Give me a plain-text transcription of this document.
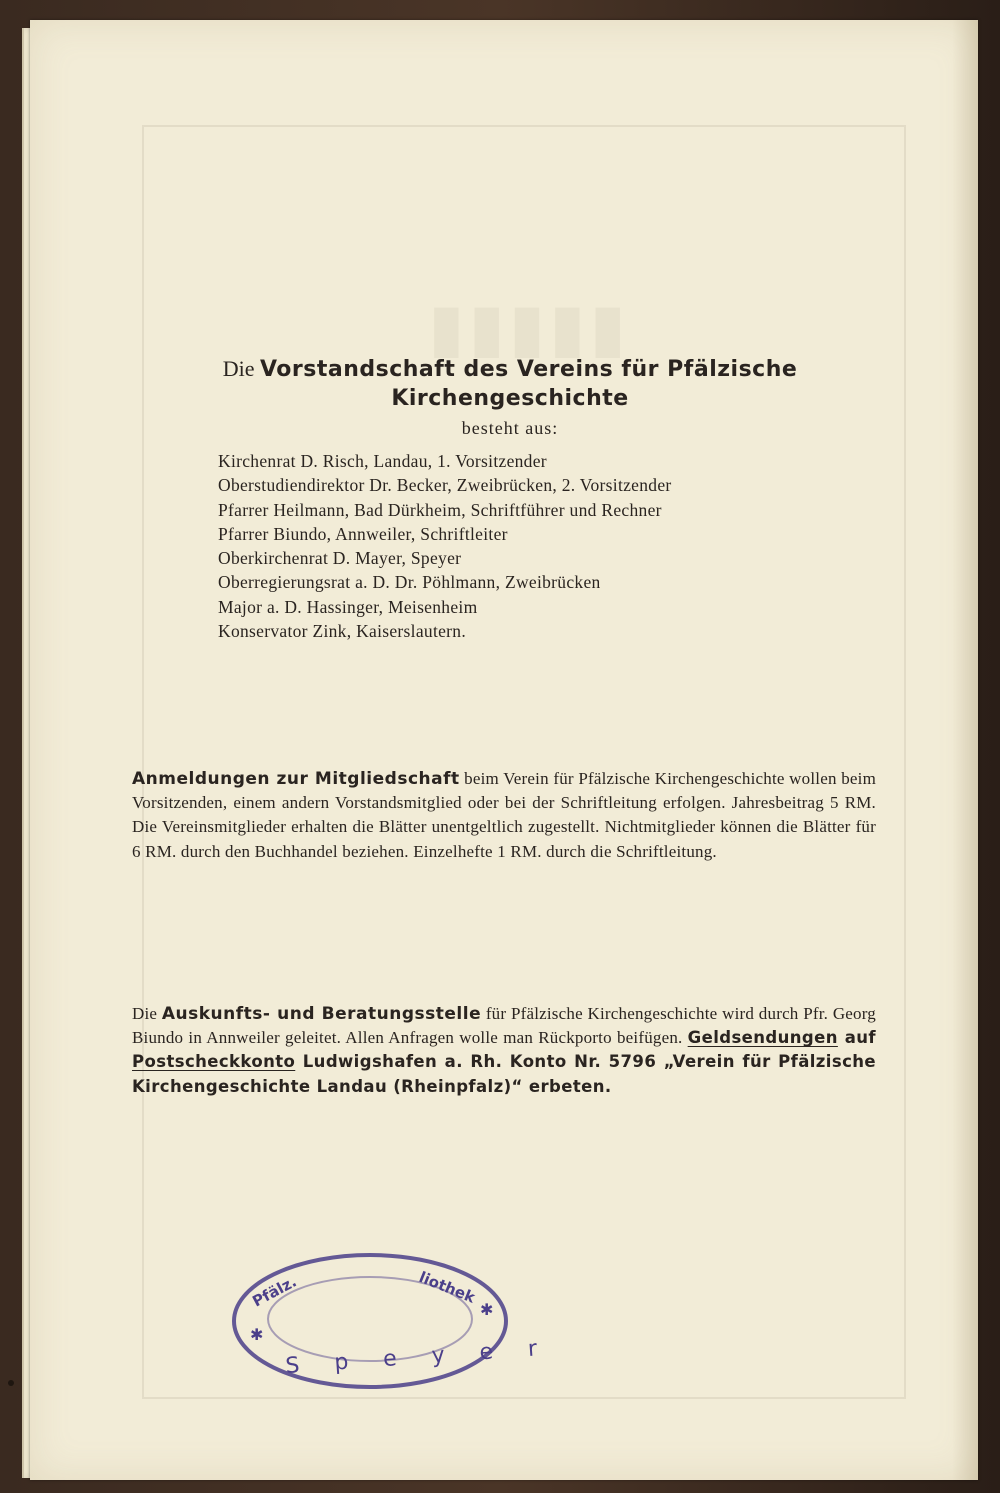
▮▮▮▮▮
Die Vorstandschaft des Vereins für Pfälzische Kirchengeschichte
besteht aus:
Kirchenrat D. Risch, Landau, 1. Vorsitzender
Oberstudiendirektor Dr. Becker, Zweibrücken, 2. Vorsitzender
Pfarrer Heilmann, Bad Dürkheim, Schriftführer und Rechner
Pfarrer Biundo, Annweiler, Schriftleiter
Oberkirchenrat D. Mayer, Speyer
Oberregierungsrat a. D. Dr. Pöhlmann, Zweibrücken
Major a. D. Hassinger, Meisenheim
Konservator Zink, Kaiserslautern.

Anmeldungen zur Mitgliedschaft beim Verein für Pfälzische Kirchengeschichte wollen beim Vorsitzenden, einem andern Vorstandsmitglied oder bei der Schriftleitung erfolgen. Jahresbeitrag 5 RM. Die Vereinsmitglieder erhalten die Blätter unentgeltlich zugestellt. Nichtmitglieder können die Blätter für 6 RM. durch den Buchhandel beziehen. Einzelhefte 1 RM. durch die Schriftleitung.

Die Auskunfts- und Beratungsstelle für Pfälzische Kirchengeschichte wird durch Pfr. Georg Biundo in Annweiler geleitet. Allen Anfragen wolle man Rückporto beifügen. Geldsendungen auf Postscheckkonto Ludwigshafen a. Rh. Konto Nr. 5796 „Verein für Pfälzische Kirchengeschichte Landau (Rheinpfalz)“ erbeten.

Pfälz.	liothek
S p e y e r
✱
✱
